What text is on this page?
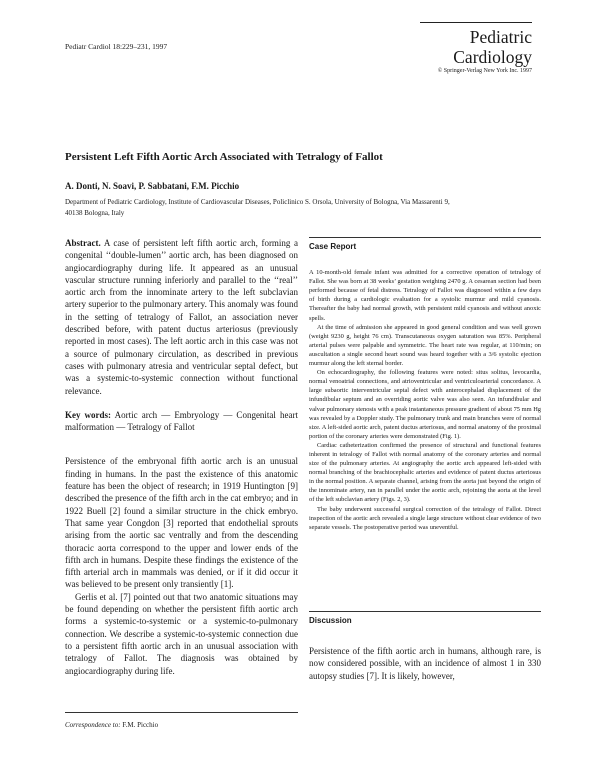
Pediatr Cardiol 18:229–231, 1997	Pediatric
Cardiology
© Springer-Verlag New York Inc. 1997
Persistent Left Fifth Aortic Arch Associated with Tetralogy of Fallot
A. Donti, N. Soavi, P. Sabbatani, F.M. Picchio
Department of Pediatric Cardiology, Institute of Cardiovascular Diseases, Policlinico S. Orsola, University of Bologna, Via Massarenti 9, 40138 Bologna, Italy

Abstract. A case of persistent left fifth aortic arch, forming a congenital ‘‘double-lumen’’ aortic arch, has been diagnosed on angiocardiography during life. It appeared as an unusual vascular structure running inferiorly and parallel to the ‘‘real’’ aortic arch from the innominate artery to the left subclavian artery superior to the pulmonary artery. This anomaly was found in the setting of tetralogy of Fallot, an association never described before, with patent ductus arteriosus (previously reported in most cases). The left aortic arch in this case was not a source of pulmonary circulation, as described in previous cases with pulmonary atresia and ventricular septal defect, but was a systemic-to-systemic connection without functional relevance.

Key words: Aortic arch — Embryology — Congenital heart malformation — Tetralogy of Fallot

Persistence of the embryonal fifth aortic arch is an unusual finding in humans. In the past the existence of this anatomic feature has been the object of research; in 1919 Huntington [9] described the presence of the fifth arch in the cat embryo; and in 1922 Buell [2] found a similar structure in the chick embryo. That same year Congdon [3] reported that endothelial sprouts arising from the aortic sac ventrally and from the descending thoracic aorta correspond to the upper and lower ends of the fifth arch in humans. Despite these findings the existence of the fifth arterial arch in mammals was denied, or if it did occur it was believed to be present only transiently [1].

Gerlis et al. [7] pointed out that two anatomic situations may be found depending on whether the persistent fifth aortic arch forms a systemic-to-systemic or a systemic-to-pulmonary connection. We describe a systemic-to-systemic connection due to a persistent fifth aortic arch in an unusual association with tetralogy of Fallot. The diagnosis was obtained by angiocardiography during life.

Correspondence to: F.M. Picchio
Case Report

A 10-month-old female infant was admitted for a corrective operation of tetralogy of Fallot. She was born at 38 weeks’ gestation weighing 2470 g. A cesarean section had been performed because of fetal distress. Tetralogy of Fallot was diagnosed within a few days of birth during a cardiologic evaluation for a systolic murmur and mild cyanosis. Thereafter the baby had normal growth, with persistent mild cyanosis and without anoxic spells.

At the time of admission she appeared in good general condition and was well grown (weight 9230 g, height 76 cm). Transcutaneous oxygen saturation was 85%. Peripheral arterial pulses were palpable and symmetric. The heart rate was regular, at 110/min; on auscultation a single second heart sound was heard together with a 3/6 systolic ejection murmur along the left sternal border.

On echocardiography, the following features were noted: situs solitus, levocardia, normal venoatrial connections, and atrioventricular and ventriculoarterial concordance. A large subaortic interventricular septal defect with anterocephalad displacement of the infundibular septum and an overriding aortic valve was also seen. An infundibular and valvar pulmonary stenosis with a peak instantaneous pressure gradient of about 75 mm Hg was revealed by a Doppler study. The pulmonary trunk and main branches were of normal size. A left-sided aortic arch, patent ductus arteriosus, and normal anatomy of the proximal portion of the coronary arteries were demonstrated (Fig. 1).

Cardiac catheterization confirmed the presence of structural and functional features inherent in tetralogy of Fallot with normal anatomy of the coronary arteries and normal size of the pulmonary arteries. At angiography the aortic arch appeared left-sided with normal branching of the brachiocephalic arteries and evidence of patent ductus arteriosus in the normal position. A separate channel, arising from the aorta just beyond the origin of the innominate artery, ran in parallel under the aortic arch, rejoining the aorta at the level of the left subclavian artery (Figs. 2, 3).

The baby underwent successful surgical correction of the tetralogy of Fallot. Direct inspection of the aortic arch revealed a single large structure without clear evidence of two separate vessels. The postoperative period was uneventful.

Discussion

Persistence of the fifth aortic arch in humans, although rare, is now considered possible, with an incidence of almost 1 in 330 autopsy studies [7]. It is likely, however,
